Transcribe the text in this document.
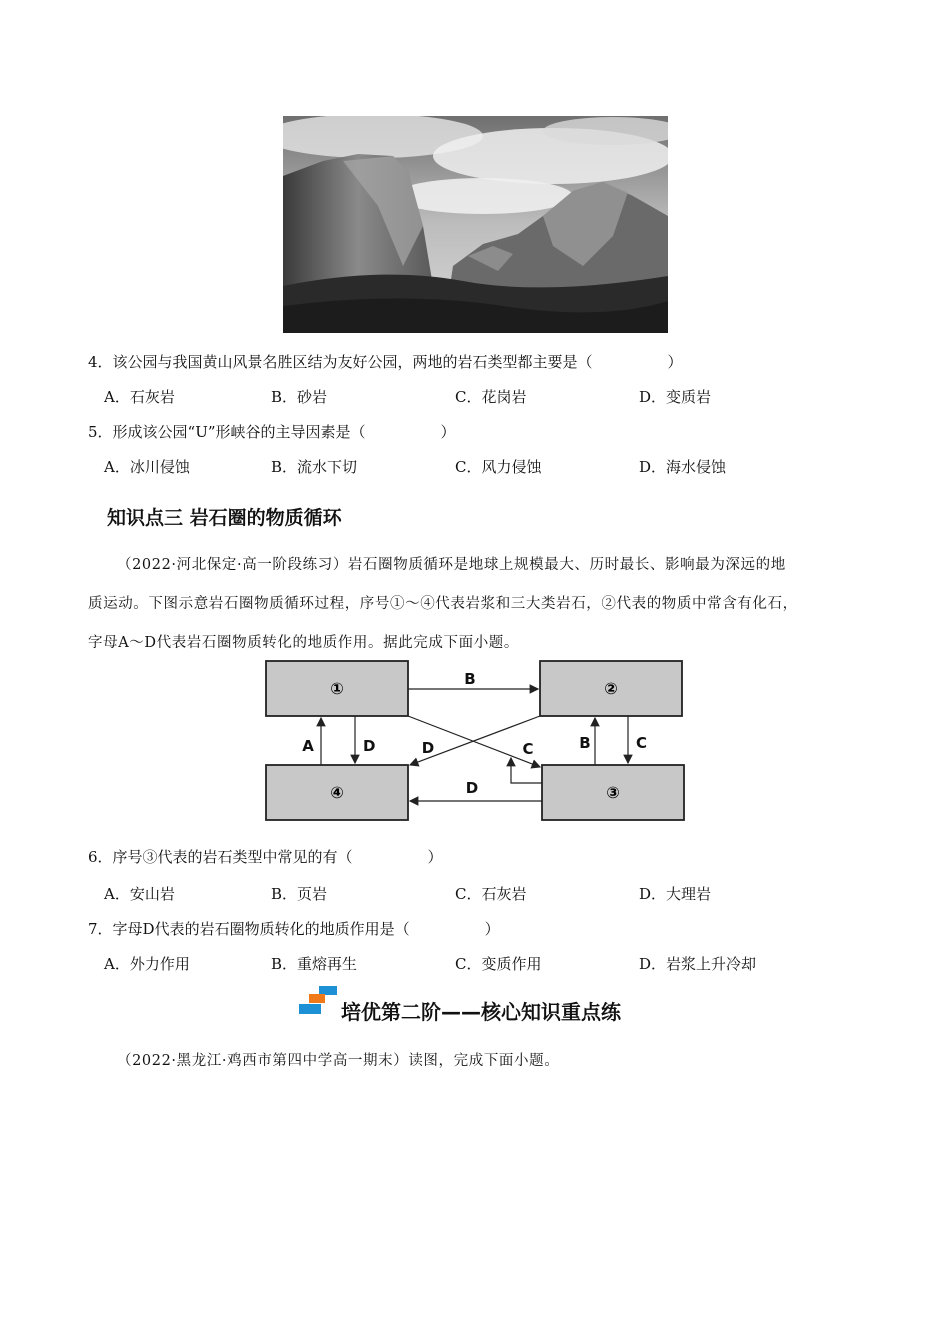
4．该公园与我国黄山风景名胜区结为友好公园，两地的岩石类型都主要是（　　　　　）
A．石灰岩	B．砂岩	C．花岗岩	D．变质岩
5．形成该公园“U”形峡谷的主导因素是（　　　　　）
A．冰川侵蚀	B．流水下切	C．风力侵蚀	D．海水侵蚀
知识点三 岩石圈的物质循环
（2022·河北保定·高一阶段练习）岩石圈物质循环是地球上规模最大、历时最长、影响最为深远的地
质运动。下图示意岩石圈物质循环过程，序号①～④代表岩浆和三大类岩石，②代表的物质中常含有化石，
字母A～D代表岩石圈物质转化的地质作用。据此完成下面小题。
①	②
③
④
B
A	D	D	C	B	C
D
6．序号③代表的岩石类型中常见的有（　　　　　）
A．安山岩	B．页岩	C．石灰岩	D．大理岩
7．字母D代表的岩石圈物质转化的地质作用是（　　　　　）
A．外力作用	B．重熔再生	C．变质作用	D．岩浆上升冷却
培优第二阶——核心知识重点练
（2022·黑龙江·鸡西市第四中学高一期末）读图，完成下面小题。
